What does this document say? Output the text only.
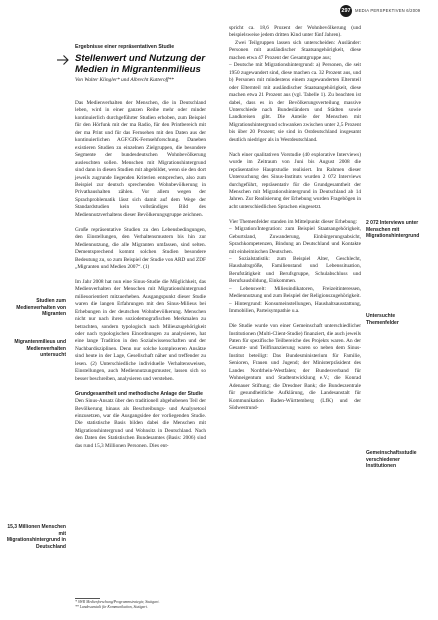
297	MEDIA PERSPEKTIVEN 6/2009
Ergebnisse einer repräsentativen Studie
Stellenwert und Nutzung der Medien in Migrantenmilieus
Von Walter Klingler* und Albrecht Kutteroff**

Das Medienverhalten der Menschen, die in Deutschland leben, wird in einer ganzen Reihe mehr oder minder kontinuierlich durchgeführter Studien erhoben, zum Beispiel für den Hörfunk mit der ma Radio, für den Printbereich mit der ma Print und für das Fernsehen mit den Daten aus der kontinuierlichen AGF/GfK-Fernsehforschung. Daneben existieren Studien zu einzelnen Zielgruppen, die besondere Segmente der bundesdeutschen Wohnbevölkerung ausleuchten sollen. Menschen mit Migrationshintergrund sind dann in diesen Studien mit abgebildet, wenn sie den dort jeweils zugrunde liegenden Kriterien entsprechen, also zum Beispiel zur deutsch sprechenden Wohnbevölkerung in Privathaushalten zählen. Vor allem wegen der Sprachproblematik lässt sich damit auf dem Wege der Standardstudien kein vollständiges Bild des Mediennutzverhaltens dieser Bevölkerungsgruppe zeichnen.

Große repräsentative Studien zu den Lebensbedingungen, den Einstellungen, den Verhaltensmustern bis hin zur Mediennutzung, die alle Migranten umfassen, sind selten. Dementsprechend kommt solchen Studien besondere Bedeutung zu, so zum Beispiel der Studie von ARD und ZDF „Migranten und Medien 2007“. (1)

Im Jahr 2008 hat nun eine Sinus-Studie die Möglichkeit, das Medienverhalten der Menschen mit Migrationshintergrund milieuorientiert mitzuerheben. Ausgangspunkt dieser Studie waren die langen Erfahrungen mit den Sinus-Milieus bei Erhebungen in der deutschen Wohnbevölkerung. Menschen nicht nur nach ihren soziodemografischen Merkmalen zu betrachten, sondern typologisch nach Milieuzugehörigkeit oder nach typologischen Einordnungen zu analysieren, hat eine lange Tradition in den Sozialwissenschaften und der Nachbardisziplinen. Denn nur solche komplexeren Ansätze sind heute in der Lage, Gesellschaft näher und treffender zu lesen. (2) Unterschiedliche individuelle Verhaltensweisen, Einstellungen, auch Mediennutzungsmuster, lassen sich so besser beschreiben, analysieren und verstehen.

Grundgesamtheit und methodische Anlage der Studie

Den Sinus-Ansatz über den traditionell abgehobenen Teil der Bevölkerung hinaus als Beschreibungs- und Analysetool einzusetzen, war die Ausgangsidee der vorliegenden Studie. Die statistische Basis bilden dabei die Menschen mit Migrationshintergrund und Wohnsitz in Deutschland. Nach den Daten des Statistischen Bundesamtes (Basis: 2006) sind das rund 15,3 Millionen Personen. Dies ent-

spricht ca. 18,6 Prozent der Wohnbevölkerung (und beispielsweise jedem dritten Kind unter fünf Jahren).

Zwei Teilgruppen lassen sich unterscheiden: Ausländer: Personen mit ausländischer Staatsangehörigkeit, diese machen etwa 47 Prozent der Gesamtgruppe aus;

– Deutsche mit Migrationshintergrund: a) Personen, die seit 1950 zugewandert sind, diese machen ca. 32 Prozent aus, und b) Personen mit mindestens einem zugewanderten Elternteil oder Elternteil mit ausländischer Staatsangehörigkeit, diese machen etwa 21 Prozent aus (vgl. Tabelle 1). Zu beachten ist dabei, dass es in der Bevölkerungsverteilung massive Unterschiede nach Bundesländern und Städten sowie Landkreisen gibt. Die Anteile der Menschen mit Migrationshintergrund schwanken zwischen unter 2,5 Prozent bis über 20 Prozent; sie sind in Ostdeutschland insgesamt deutlich niedriger als in Westdeutschland.

Nach einer qualitativen Vorstudie (40 explorative Interviews) wurde im Zeitraum von Juni bis August 2008 die repräsentative Hauptstudie realisiert. Im Rahmen dieser Untersuchung des Sinus-Instituts wurden 2 072 Interviews durchgeführt, repräsentativ für die Grundgesamtheit der Menschen mit Migrationshintergrund in Deutschland ab 14 Jahren. Zur Realisierung der Erhebung wurden Fragebögen in acht unterschiedlichen Sprachen eingesetzt.

Vier Themenfelder standen im Mittelpunkt dieser Erhebung:

– Migration/Integration: zum Beispiel Staatsangehörigkeit, Geburtsland, Zuwanderung, Einbürgerungsabsicht, Sprachkompetenzen, Bindung an Deutschland und Kontakte mit einheimischen Deutschen.

– Sozialstatistik: zum Beispiel Alter, Geschlecht, Haushaltsgröße, Familienstand und Lebenssituation, Berufstätigkeit und Berufsgruppe, Schulabschluss und Berufsausbildung, Einkommen.

– Lebenswelt: Milieuindikatoren, Freizeitinteressen, Mediennutzung und zum Beispiel der Religionszugehörigkeit.

– Hintergrund: Konsumeinstellungen, Haushaltsausstattung, Immobilien, Parteisympathie u.a.

Die Studie wurde von einer Gemeinschaft unterschiedlicher Institutionen (Multi-Client-Studie) finanziert, die auch jeweils Paten für spezifische Teilbereiche des Projekts waren. An der Gesamt- und Teilfinanzierung waren so neben dem Sinus-Institut beteiligt: Das Bundesministerium für Familie, Senioren, Frauen und Jugend; der Ministerpräsident des Landes Nordrhein-Westfalen; der Bundesverband für Wohneigentum und Stadtentwicklung e.V.; die Konrad Adenauer Stiftung; die Dresdner Bank; die Bundeszentrale für gesundheitliche Aufklärung, die Landesanstalt für Kommunikation Baden-Württemberg (LfK) und der Südwestrund-

Studien zum Medienverhalten von Migranten
Migrantenmilieus und Medienverhalten untersucht
15,3 Millionen Menschen mit Migrationshintergrund in Deutschland
2 072 Interviews unter Menschen mit Migrationshintergrund
Untersuchte Themenfelder
Gemeinschaftsstudie verschiedener Institutionen
* SWR Medienforschung/Programmstrategie, Stuttgart.
** Landesanstalt für Kommunikation, Stuttgart.
